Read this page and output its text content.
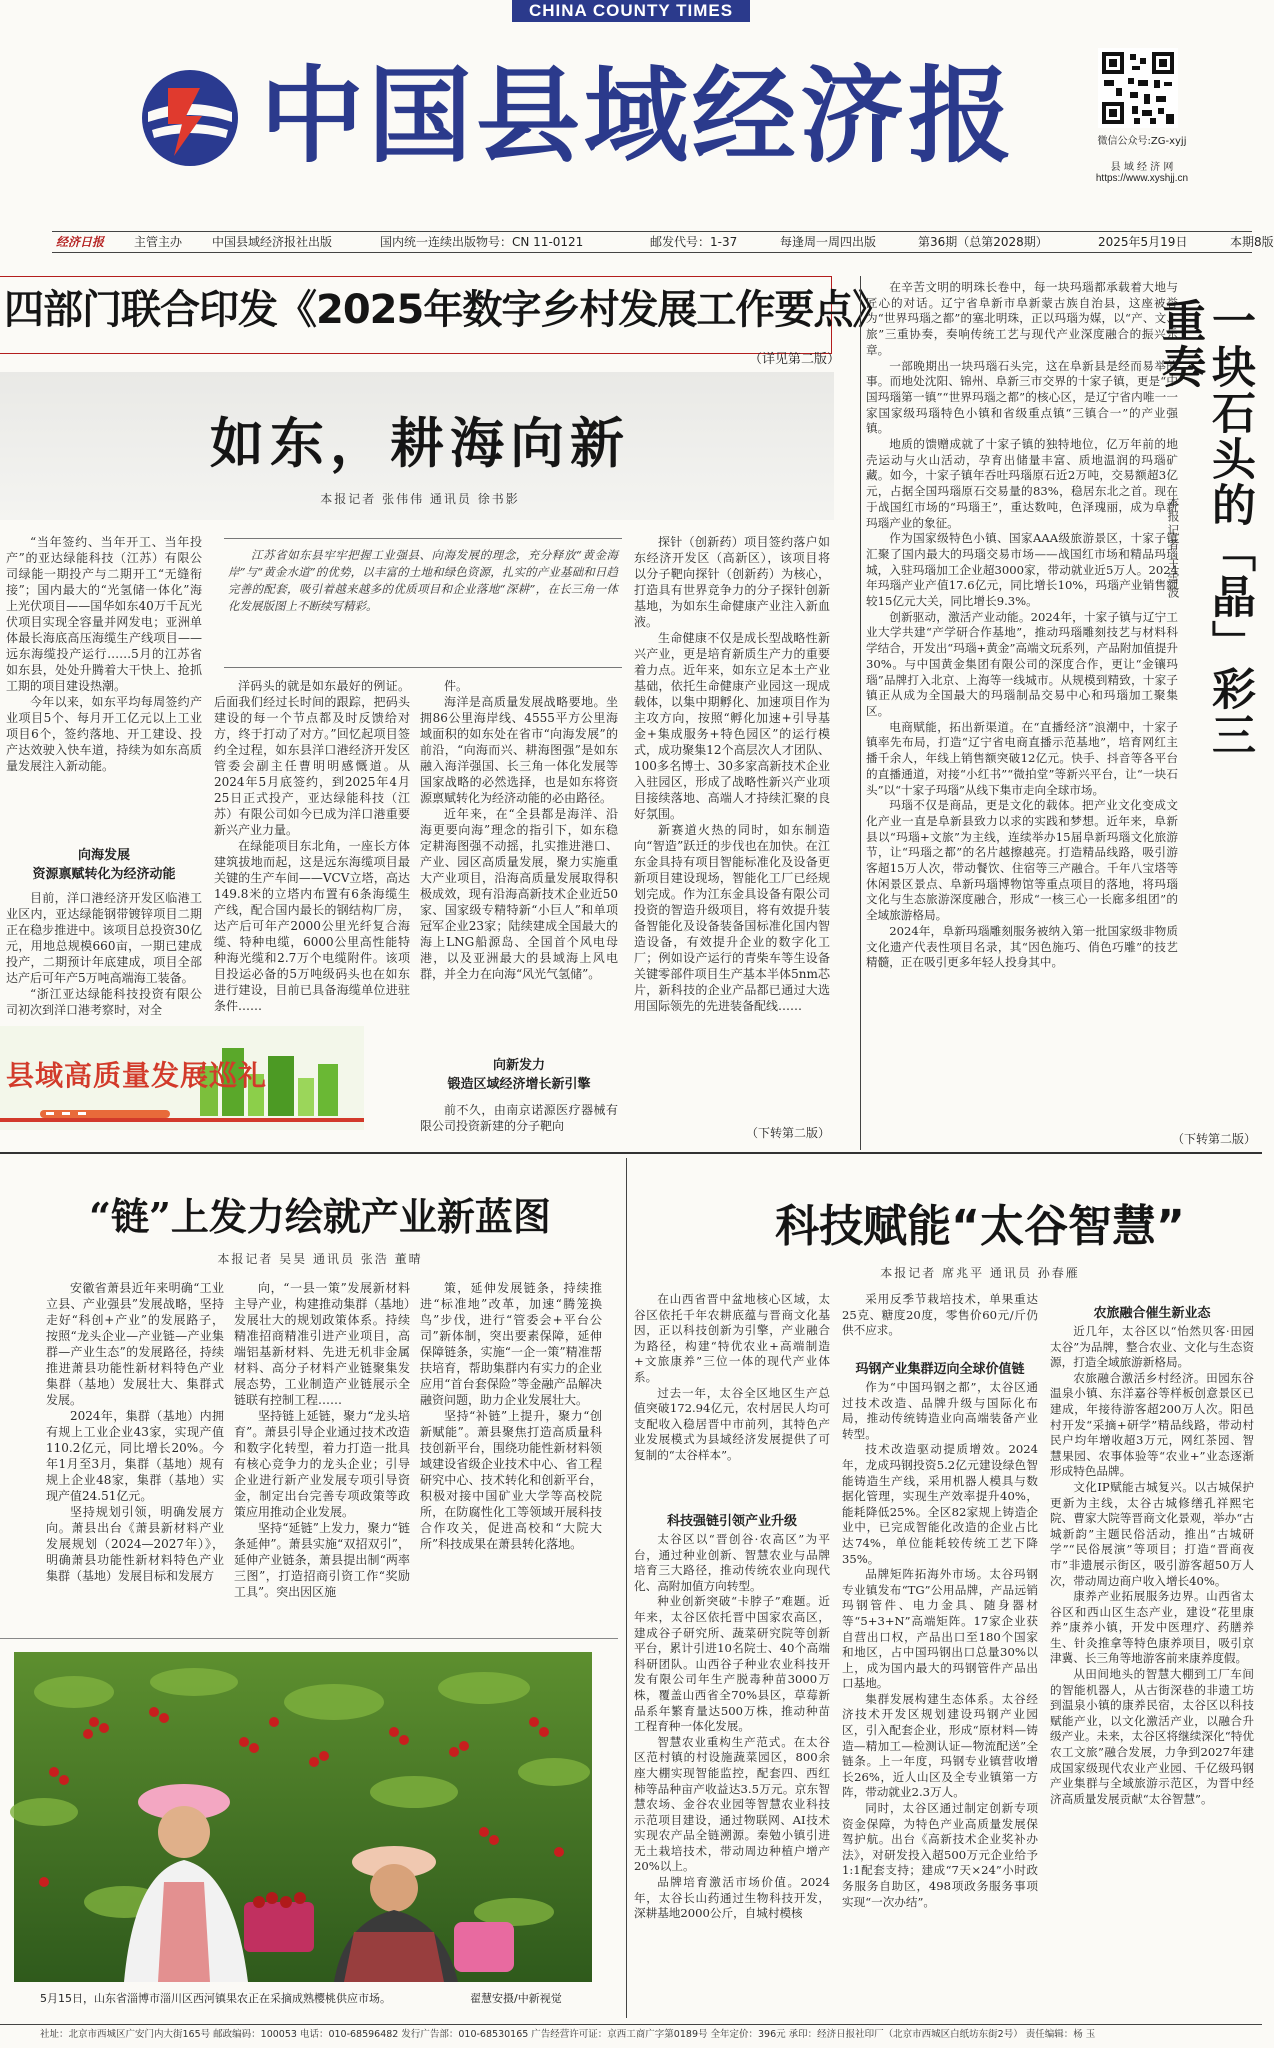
CHINA COUNTY TIMES
中国县域经济报	微信公众号:ZG-xyjj
县 域 经 济 网
https://www.xyshjj.cn
经济日报 主管主办 中国县域经济报社出版	国内统一连续出版物号：CN 11-0121	邮发代号：1-37	每逢周一周四出版	第36期（总第2028期）	2025年5月19日	本期8版
四部门联合印发《2025年数字乡村发展工作要点》
（详见第二版）
如东，耕海向新
本报记者 张伟伟 通讯员 徐书影
江苏省如东县牢牢把握工业强县、向海发展的理念，充分释放“黄金海岸”与“黄金水道”的优势，以丰富的土地和绿色资源，扎实的产业基础和日趋完善的配套，吸引着越来越多的优质项目和企业落地“深耕”，在长三角一体化发展版图上不断续写精彩。

“当年签约、当年开工、当年投产”的亚达绿能科技（江苏）有限公司绿能一期投产与二期开工“无缝衔接”；国内最大的“光氢储一体化”海上光伏项目——国华如东40万千瓦光伏项目实现全容量并网发电；亚洲单体最长海底高压海缆生产线项目——远东海缆投产运行……5月的江苏省如东县，处处升腾着大干快上、抢抓工期的项目建设热潮。

今年以来，如东平均每周签约产业项目5个、每月开工亿元以上工业项目6个，签约落地、开工建设、投产达效驶入快车道，持续为如东高质量发展注入新动能。

向海发展
资源禀赋转化为经济动能

目前，洋口港经济开发区临港工业区内，亚达绿能钢带镀锌项目二期正在稳步推进中。该项目总投资30亿元，用地总规模660亩，一期已建成投产，二期预计年底建成，项目全部达产后可年产5万吨高端海工装备。

“浙江亚达绿能科技投资有限公司初次到洋口港考察时，对全

洋码头的就是如东最好的例证。后面我们经过长时间的跟踪，把码头建设的每一个节点都及时反馈给对方，终于打动了对方。”回忆起项目签约全过程，如东县洋口港经济开发区管委会副主任曹明明感慨道。从2024年5月底签约，到2025年4月25日正式投产，亚达绿能科技（江苏）有限公司如今已成为洋口港重要新兴产业力量。

在绿能项目东北角，一座长方体建筑拔地而起，这是远东海缆项目最关键的生产车间——VCV立塔，高达149.8米的立塔内布置有6条海缆生产线，配合国内最长的钢结构厂房，达产后可年产2000公里光纤复合海缆、特种电缆，6000公里高性能特种海光缆和2.7万个电缆附件。该项目投运必备的5万吨级码头也在如东进行建设，目前已具备海缆单位进驻条件……

件。

海洋是高质量发展战略要地。坐拥86公里海岸线、4555平方公里海域面积的如东处在省市“向海发展”的前沿，“向海而兴、耕海图强”是如东融入海洋强国、长三角一体化发展等国家战略的必然选择，也是如东将资源禀赋转化为经济动能的必由路径。

近年来，在“全县都是海洋、沿海更要向海”理念的指引下，如东稳定耕海图强不动摇，扎实推进港口、产业、园区高质量发展，聚力实施重大产业项目，沿海高质量发展取得积极成效，现有沿海高新技术企业近50家、国家级专精特新“小巨人”和单项冠军企业23家；陆续建成全国最大的海上LNG船源岛、全国首个风电母港，以及亚洲最大的县域海上风电群，并全力在向海“风光气氢储”。

向新发力
锻造区域经济增长新引擎

前不久，由南京诺源医疗器械有限公司投资新建的分子靶向

探针（创新药）项目签约落户如东经济开发区（高新区），该项目将以分子靶向探针（创新药）为核心，打造具有世界竞争力的分子探针创新基地，为如东生命健康产业注入新血液。

生命健康不仅是成长型战略性新兴产业，更是培育新质生产力的重要着力点。近年来，如东立足本土产业基础，依托生命健康产业园这一现成载体，以集中期孵化、加速项目作为主攻方向，按照“孵化加速+引导基金+集成服务+特色园区”的运行模式，成功聚集12个高层次人才团队、100多名博士、30多家高新技术企业入驻园区，形成了战略性新兴产业项目接续落地、高端人才持续汇聚的良好氛围。

新赛道火热的同时，如东制造向“智造”跃迁的步伐也在加快。在江东金具持有项目智能标准化及设备更新项目建设现场，智能化工厂已经规划完成。作为江东金具设备有限公司投资的智造升级项目，将有效提升装备智能化及设备装备国标准化国内智造设备，有效提升企业的数字化工厂；例如设产运行的青柴车等生设备关键零部件项目生产基本半体5nm芯片，新科技的企业产品都已通过大选用国际领先的先进装备配线……

（下转第二版）
县域高质量发展巡礼

在辛苦文明的明珠长卷中，每一块玛瑙都承载着大地与匠心的对话。辽宁省阜新市阜新蒙古族自治县，这座被誉为“世界玛瑙之都”的塞北明珠，正以玛瑙为媒，以“产、文、旅”三重协奏，奏响传统工艺与现代产业深度融合的振兴乐章。

一部晚期出一块玛瑙石头完，这在阜新县是经而易举的事。而地处沈阳、锦州、阜新三市交界的十家子镇，更是“中国玛瑙第一镇”“世界玛瑙之都”的核心区，是辽宁省内唯一一家国家级玛瑙特色小镇和省级重点镇“三镇合一”的产业强镇。

地质的馈赠成就了十家子镇的独特地位，亿万年前的地壳运动与火山活动，孕育出储量丰富、质地温润的玛瑙矿藏。如今，十家子镇年吞吐玛瑙原石近2万吨，交易额超3亿元，占据全国玛瑙原石交易量的83%，稳居东北之首。现在于战国红市场的“玛瑙王”，重达数吨，色泽瑰丽，成为阜新玛瑙产业的象征。

作为国家级特色小镇、国家AAA级旅游景区，十家子镇汇聚了国内最大的玛瑙交易市场——战国红市场和精品玛瑙城，入驻玛瑙加工企业超3000家，带动就业近5万人。2024年玛瑙产业产值17.6亿元，同比增长10%，玛瑙产业销售额较15亿元大关，同比增长9.3%。

创新驱动，激活产业动能。2024年，十家子镇与辽宁工业大学共建“产学研合作基地”，推动玛瑙雕刻技艺与材料科学结合，开发出“玛瑙+黄金”高端文玩系列，产品附加值提升30%。与中国黄金集团有限公司的深度合作，更让“金镶玛瑙”品牌打入北京、上海等一线城市。从规模到精致，十家子镇正从成为全国最大的玛瑙制品交易中心和玛瑙加工聚集区。

电商赋能，拓出新渠道。在“直播经济”浪潮中，十家子镇率先布局，打造“辽宁省电商直播示范基地”，培育网红主播千余人，年线上销售额突破12亿元。快手、抖音等各平台的直播通道，对接“小红书”“微拍堂”等新兴平台，让“一块石头”以“十家子玛瑙”从线下集市走向全球市场。

玛瑙不仅是商品，更是文化的载体。把产业文化变成文化产业一直是阜新县致力以求的实践和梦想。近年来，阜新县以“玛瑙+文旅”为主线，连续举办15届阜新玛瑙文化旅游节，让“玛瑙之都”的名片越擦越亮。打造精品线路，吸引游客超15万人次，带动餐饮、住宿等三产融合。千年八宝塔等休闲景区景点、阜新玛瑙博物馆等重点项目的落地，将玛瑙文化与生态旅游深度融合，形成“一核三心一长廊多组团”的全域旅游格局。

2024年，阜新玛瑙雕刻服务被纳入第一批国家级非物质文化遗产代表性项目名录，其“因色施巧、俏色巧雕”的技艺精髓，正在吸引更多年轻人投身其中。

一块石头的「晶」彩三重奏
本报记者 王雪波
（下转第二版）
“链”上发力绘就产业新蓝图
本报记者 吴昊 通讯员 张浩 董晴

安徽省萧县近年来明确“工业立县、产业强县”发展战略，坚持走好“科创+产业”的发展路子，按照“龙头企业—产业链—产业集群—产业生态”的发展路径，持续推进萧县功能性新材料特色产业集群（基地）发展壮大、集群式发展。

2024年，集群（基地）内拥有规上工业企业43家，实现产值110.2亿元，同比增长20%。今年1月至3月，集群（基地）规有规上企业48家，集群（基地）实现产值24.51亿元。

坚持规划引领，明确发展方向。萧县出台《萧县新材料产业发展规划（2024—2027年）》，明确萧县功能性新材料特色产业集群（基地）发展目标和发展方

向，“一县一策”发展新材料主导产业，构建推动集群（基地）发展壮大的规划政策体系。持续精准招商精准引进产业项目，高端铝基新材料、先进无机非金属材料、高分子材料产业链聚集发展态势，工业制造产业链展示全链联有控制工程……

坚持链上延链，聚力“龙头培育”。萧县引导企业通过技术改造和数字化转型，着力打造一批具有核心竞争力的龙头企业；引导企业进行新产业发展专项引导资金，制定出台完善专项政策等政策应用推动企业发展。

坚持“延链”上发力，聚力“链条延伸”。萧县实施“双招双引”，延伸产业链条，萧县提出制“两率三图”，打造招商引资工作“奖励工具”。突出因区施

策，延伸发展链条，持续推进“标准地”改革，加速“腾笼换鸟”步伐，进行“管委会+平台公司”新体制，突出要素保障，延伸保障链条，实施“一企一策”精准帮扶培育，帮助集群内有实力的企业应用“首台套保险”等金融产品解决融资问题，助力企业发展壮大。

坚持“补链”上提升，聚力“创新赋能”。萧县聚焦打造高质量科技创新平台，围绕功能性新材料领域建设省级企业技术中心、省工程研究中心、技术转化和创新平台，积极对接中国矿业大学等高校院所，在防腐性化工等领域开展科技合作攻关，促进高校和“大院大所”科技成果在萧县转化落地。

5月15日，山东省淄博市淄川区西河镇果农正在采摘成熟樱桃供应市场。	翟慧安摄/中新视觉
科技赋能“太谷智慧”
本报记者 席兆平 通讯员 孙春雁

在山西省晋中盆地核心区域，太谷区依托千年农耕底蕴与晋商文化基因，正以科技创新为引擎，产业融合为路径，构建“特优农业+高端制造+文旅康养”三位一体的现代产业体系。

过去一年，太谷全区地区生产总值突破172.94亿元，农村居民人均可支配收入稳居晋中市前列，其特色产业发展模式为县域经济发展提供了可复制的“太谷样本”。

科技强链引领产业升级

太谷区以“晋创谷·农高区”为平台，通过种业创新、智慧农业与品牌培育三大路径，推动传统农业向现代化、高附加值方向转型。

种业创新突破“卡脖子”难题。近年来，太谷区依托晋中国家农高区，建成谷子研究所、蔬菜研究院等创新平台，累计引进10名院士、40个高端科研团队。山西谷子种业农业科技开发有限公司年生产脱毒种苗3000万株，覆盖山西省全70%县区，草莓新品系年繁育量达500万株，推动种苗工程育种一体化发展。

智慧农业重构生产范式。在太谷区范村镇的村设施蔬菜园区，800余座大棚实现智能监控，配套四、西红柿等品种亩产收益达3.5万元。京东智慧农场、金谷农业园等智慧农业科技示范项目建设，通过物联网、AI技术实现农产品全链溯源。秦勉小镇引进无土栽培技术，带动周边种植户增产20%以上。

品牌培育激活市场价值。2024年，太谷长山药通过生物科技开发，深耕基地2000公斤，自城村模核

采用反季节栽培技术，单果重达25克、糖度20度，零售价60元/斤仍供不应求。

玛钢产业集群迈向全球价值链

作为“中国玛钢之都”，太谷区通过技术改造、品牌升级与国际化布局，推动传统铸造业向高端装备产业转型。

技术改造驱动提质增效。2024年，龙成玛钢投资5.2亿元建设绿色智能铸造生产线，采用机器人模具与数据化管理，实现生产效率提升40%，能耗降低25%。全区82家规上铸造企业中，已完成智能化改造的企业占比达74%，单位能耗较传统工艺下降35%。

品牌矩阵拓海外市场。太谷玛钢专业镇发布“TG”公用品牌，产品远销玛钢管件、电力金具、随身器材等“5+3+N”高端矩阵。17家企业获自营出口权，产品出口至180个国家和地区，占中国玛钢出口总量30%以上，成为国内最大的玛钢管件产品出口基地。

集群发展构建生态体系。太谷经济技术开发区规划建设玛钢产业园区，引入配套企业，形成“原材料—铸造—精加工—检测认证—物流配送”全链条。上一年度，玛钢专业镇营收增长26%，近人山区及全专业镇第一方阵，带动就业2.3万人。

同时，太谷区通过制定创新专项资金保障，为特色产业高质量发展保驾护航。出台《高新技术企业奖补办法》，对研发投入超500万元企业给予1:1配套支持；建成“7天×24”小时政务服务自助区，498项政务服务事项实现“一次办结”。

农旅融合催生新业态

近几年，太谷区以“怡然贝客·田园太谷”为品牌，整合农业、文化与生态资源，打造全域旅游新格局。

农旅融合激活乡村经济。田园东谷温泉小镇、东洋嘉谷等样板创意景区已建成，年接待游客超200万人次。阳邑村开发“采摘+研学”精品线路，带动村民户均年增收超3万元，网红茶园、智慧果园、农事体验等“农业+”业态逐渐形成特色品牌。

文化IP赋能古城复兴。以古城保护更新为主线，太谷古城修缮孔祥熙宅院、曹家大院等晋商文化景观，举办“古城新韵”主题民俗活动，推出“古城研学”“民俗展演”等项目；打造“晋商夜市”非遗展示街区，吸引游客超50万人次，带动周边商户收入增长40%。

康养产业拓展服务边界。山西省太谷区和西山区生态产业，建设“花里康养”康养小镇，开发中医理疗、药膳养生、针灸推拿等特色康养项目，吸引京津冀、长三角等地游客前来康养度假。

从田间地头的智慧大棚到工厂车间的智能机器人，从古街深巷的非遗工坊到温泉小镇的康养民宿，太谷区以科技赋能产业，以文化激活产业，以融合升级产业。未来，太谷区将继续深化“特优农工文旅”融合发展，力争到2027年建成国家级现代农业产业园、千亿级玛钢产业集群与全域旅游示范区，为晋中经济高质量发展贡献“太谷智慧”。

社址：北京市西城区广安门内大街165号 邮政编码：100053 电话：010-68596482 发行广告部：010-68530165 广告经营许可证：京西工商广字第0189号 全年定价：396元 承印：经济日报社印厂（北京市西城区白纸坊东街2号） 责任编辑：杨 玉
